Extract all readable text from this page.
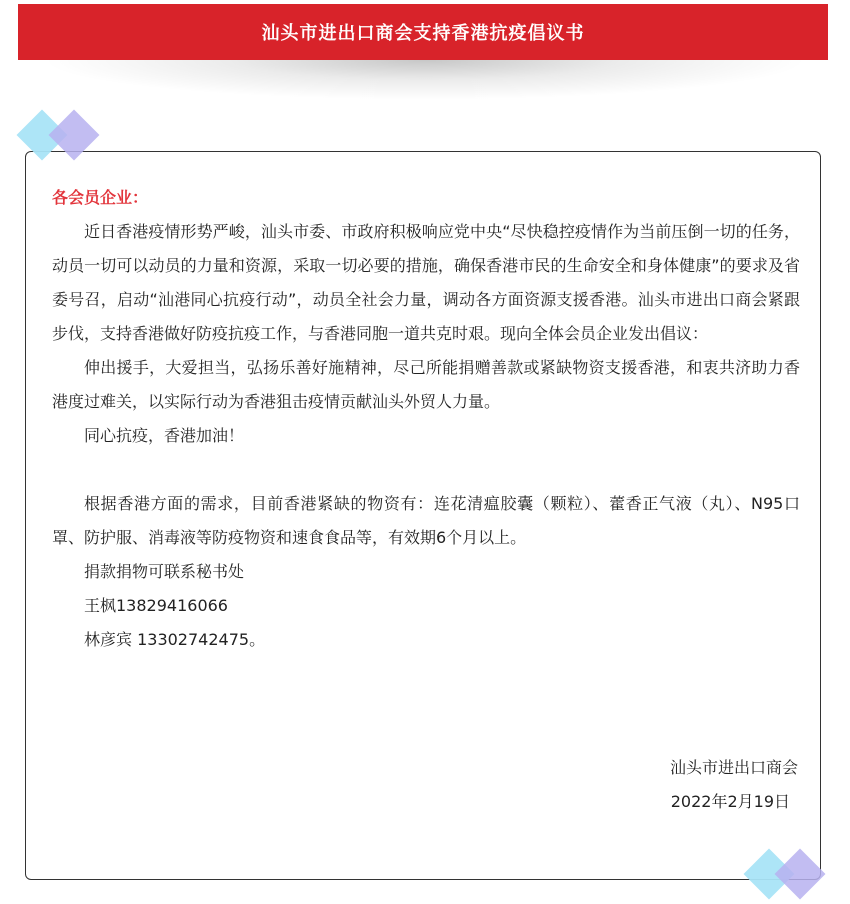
汕头市进出口商会支持香港抗疫倡议书

各会员企业：

近日香港疫情形势严峻，汕头市委、市政府积极响应党中央“尽快稳控疫情作为当前压倒一切的任务，动员一切可以动员的力量和资源，采取一切必要的措施，确保香港市民的生命安全和身体健康”的要求及省委号召，启动“汕港同心抗疫行动”，动员全社会力量，调动各方面资源支援香港。汕头市进出口商会紧跟步伐，支持香港做好防疫抗疫工作，与香港同胞一道共克时艰。现向全体会员企业发出倡议：

伸出援手，大爱担当，弘扬乐善好施精神，尽己所能捐赠善款或紧缺物资支援香港，和衷共济助力香港度过难关，以实际行动为香港狙击疫情贡献汕头外贸人力量。

同心抗疫，香港加油！

根据香港方面的需求，目前香港紧缺的物资有：连花清瘟胶囊（颗粒）、藿香正气液（丸）、N95口罩、防护服、消毒液等防疫物资和速食食品等，有效期6个月以上。

捐款捐物可联系秘书处

王枫13829416066

林彦宾 13302742475。

汕头市进出口商会
2022年2月19日
